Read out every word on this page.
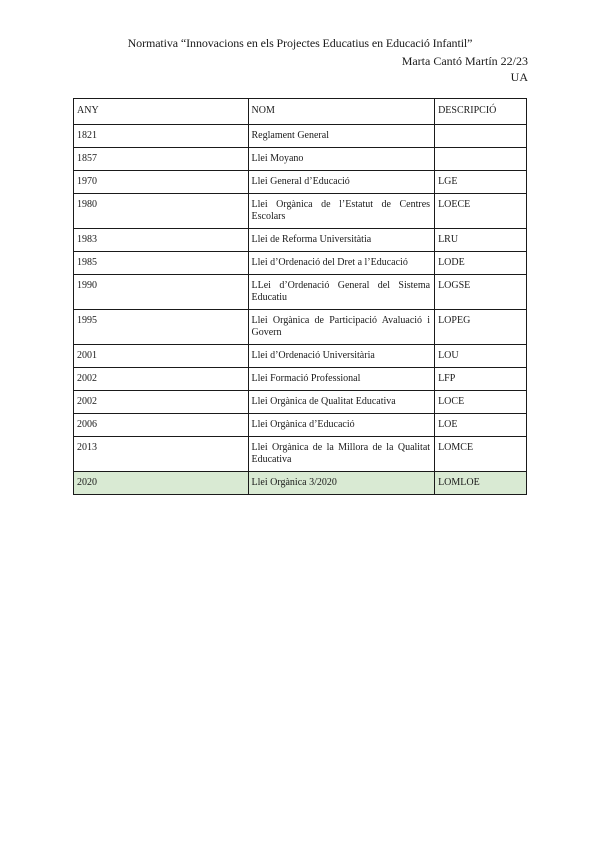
Normativa “Innovacions en els Projectes Educatius en Educació Infantil”
Marta Cantó Martín 22/23
UA
ANY	NOM	DESCRIPCIÓ
1821	Reglament General	
1857	Llei Moyano	
1970	Llei General d’Educació	LGE
1980	Llei Orgànica de l’Estatut de Centres Escolars	LOECE
1983	Llei de Reforma Universitàtia	LRU
1985	Llei d’Ordenació del Dret a l’Educació	LODE
1990	LLei d’Ordenació General del Sistema Educatiu	LOGSE
1995	Llei Orgànica de Participació Avaluació i Govern	LOPEG
2001	Llei d’Ordenació Universitària	LOU
2002	Llei Formació Professional	LFP
2002	Llei Orgànica de Qualitat Educativa	LOCE
2006	Llei Orgànica d’Educació	LOE
2013	Llei Orgànica de la Millora de la Qualitat Educativa	LOMCE
2020	Llei Orgànica 3/2020	LOMLOE
